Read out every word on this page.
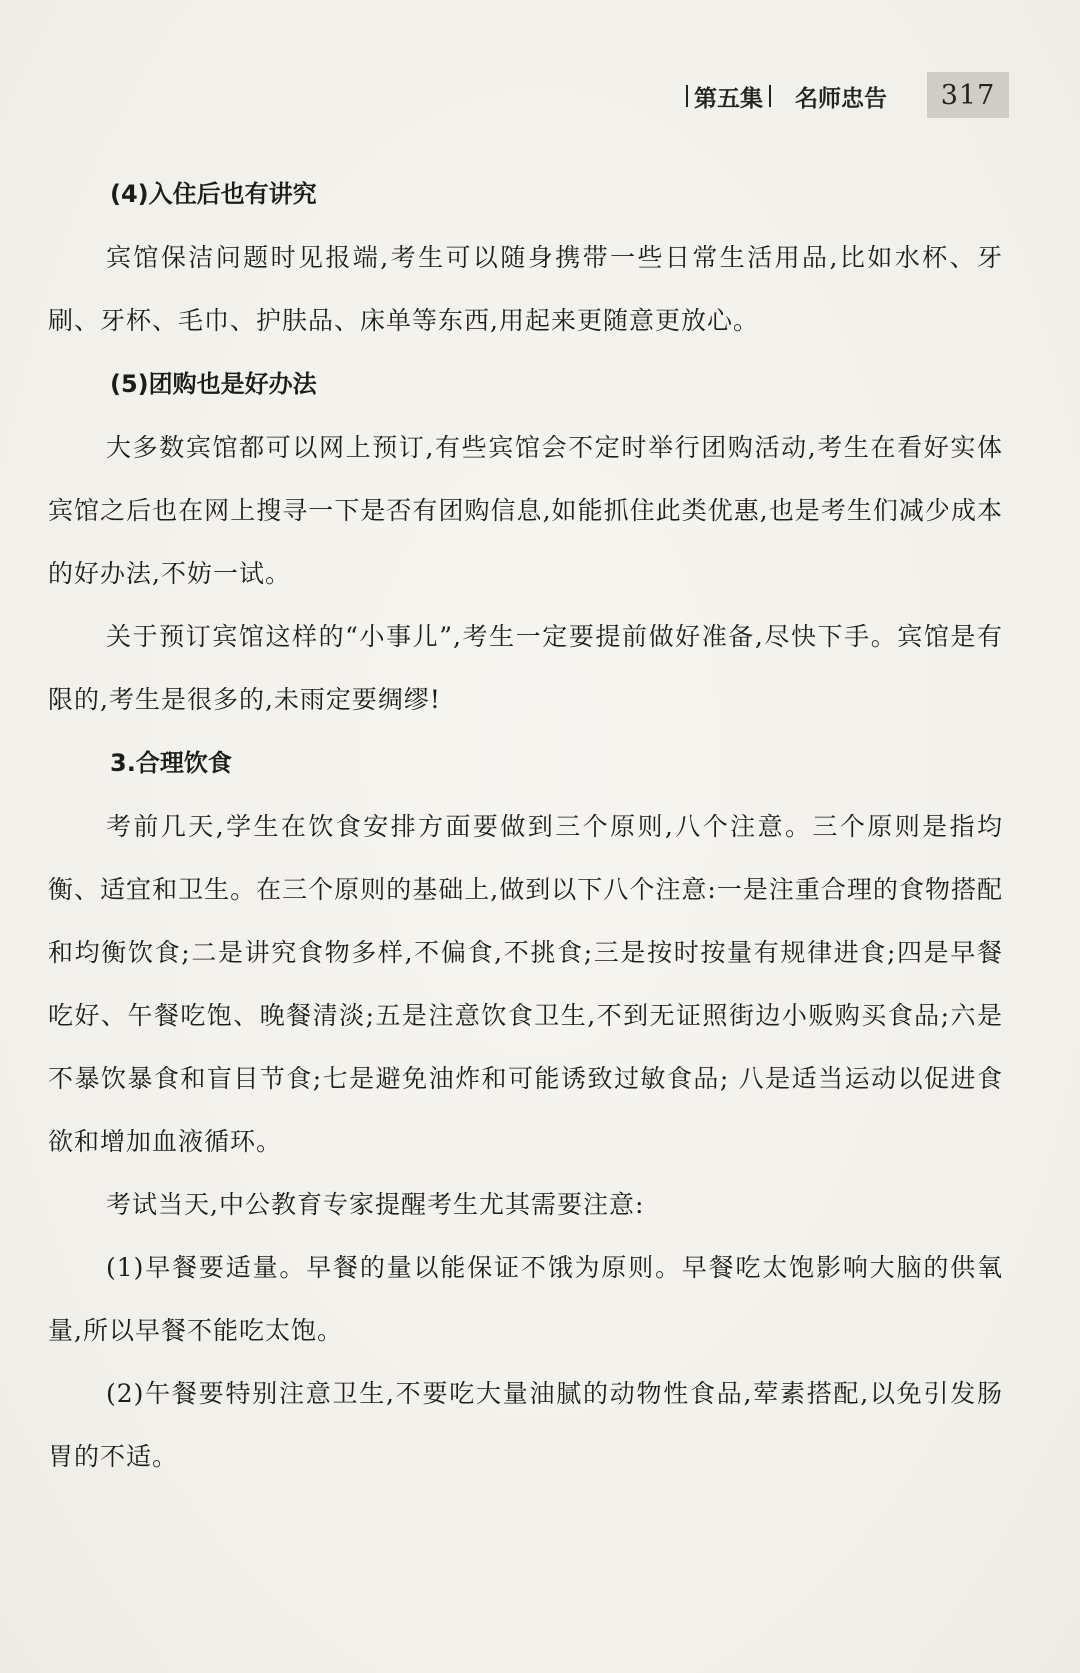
第五集 名师忠告	317

(4)入住后也有讲究

宾馆保洁问题时见报端,考生可以随身携带一些日常生活用品,比如水杯、牙刷、牙杯、毛巾、护肤品、床单等东西,用起来更随意更放心。

(5)团购也是好办法

大多数宾馆都可以网上预订,有些宾馆会不定时举行团购活动,考生在看好实体宾馆之后也在网上搜寻一下是否有团购信息,如能抓住此类优惠,也是考生们减少成本的好办法,不妨一试。

关于预订宾馆这样的“小事儿”,考生一定要提前做好准备,尽快下手。宾馆是有限的,考生是很多的,未雨定要绸缪!

3.合理饮食

考前几天,学生在饮食安排方面要做到三个原则,八个注意。三个原则是指均衡、适宜和卫生。在三个原则的基础上,做到以下八个注意:一是注重合理的食物搭配和均衡饮食;二是讲究食物多样,不偏食,不挑食;三是按时按量有规律进食;四是早餐吃好、午餐吃饱、晚餐清淡;五是注意饮食卫生,不到无证照街边小贩购买食品;六是不暴饮暴食和盲目节食;七是避免油炸和可能诱致过敏食品; 八是适当运动以促进食欲和增加血液循环。

考试当天,中公教育专家提醒考生尤其需要注意:

(1)早餐要适量。早餐的量以能保证不饿为原则。早餐吃太饱影响大脑的供氧量,所以早餐不能吃太饱。

(2)午餐要特别注意卫生,不要吃大量油腻的动物性食品,荤素搭配,以免引发肠胃的不适。
